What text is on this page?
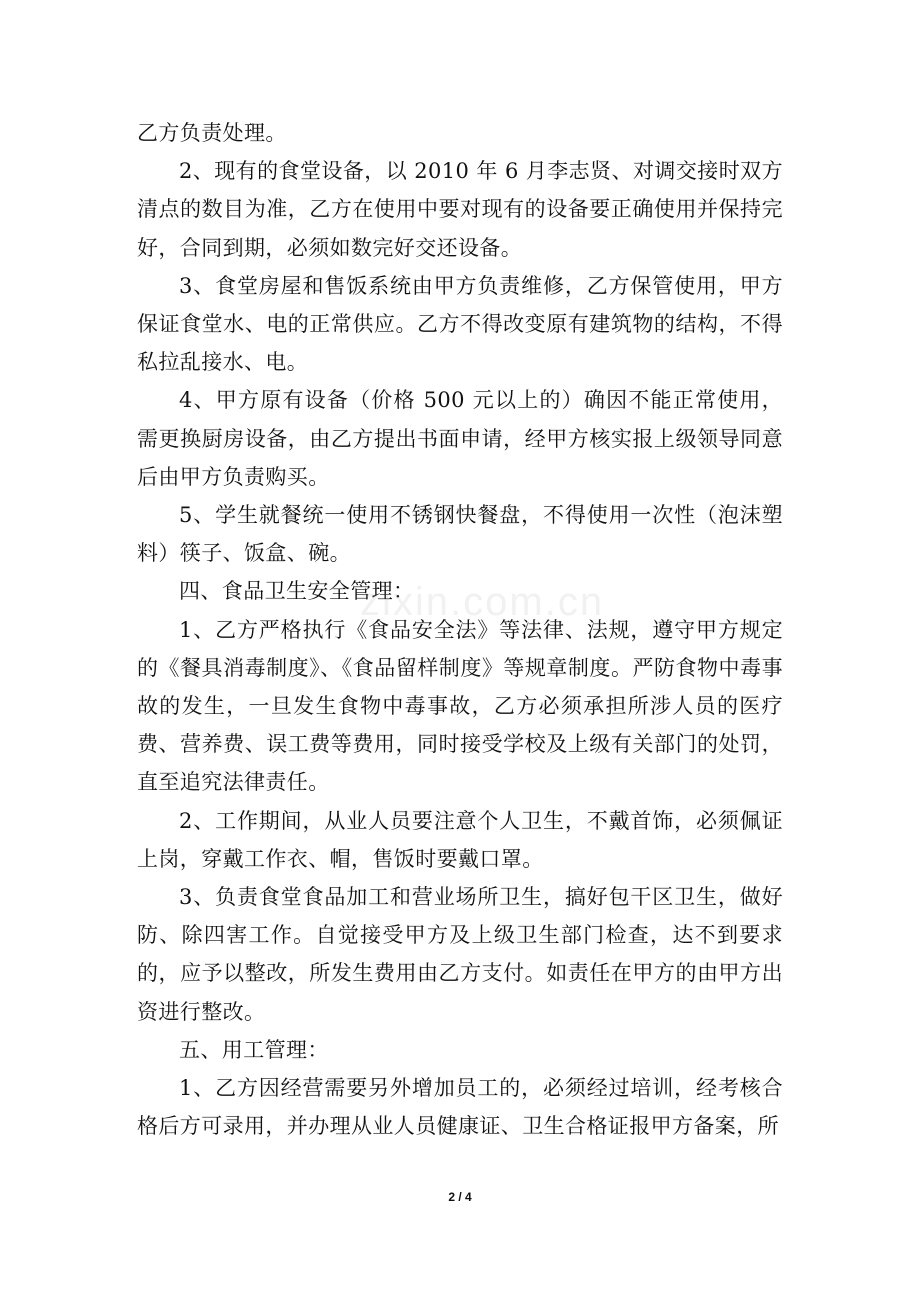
乙方负责处理。

2、现有的食堂设备，以 2010 年 6 月李志贤、对调交接时双方清点的数目为准，乙方在使用中要对现有的设备要正确使用并保持完好，合同到期，必须如数完好交还设备。

3、食堂房屋和售饭系统由甲方负责维修，乙方保管使用，甲方保证食堂水、电的正常供应。乙方不得改变原有建筑物的结构，不得私拉乱接水、电。

4、甲方原有设备（价格 500 元以上的）确因不能正常使用，需更换厨房设备，由乙方提出书面申请，经甲方核实报上级领导同意后由甲方负责购买。

5、学生就餐统一使用不锈钢快餐盘，不得使用一次性（泡沫塑料）筷子、饭盒、碗。

四、食品卫生安全管理：

1、乙方严格执行《食品安全法》等法律、法规，遵守甲方规定的《餐具消毒制度》、《食品留样制度》等规章制度。严防食物中毒事故的发生，一旦发生食物中毒事故，乙方必须承担所涉人员的医疗费、营养费、误工费等费用，同时接受学校及上级有关部门的处罚，直至追究法律责任。

2、工作期间，从业人员要注意个人卫生，不戴首饰，必须佩证上岗，穿戴工作衣、帽，售饭时要戴口罩。

3、负责食堂食品加工和营业场所卫生，搞好包干区卫生，做好防、除四害工作。自觉接受甲方及上级卫生部门检查，达不到要求的，应予以整改，所发生费用由乙方支付。如责任在甲方的由甲方出资进行整改。

五、用工管理：

1、乙方因经营需要另外增加员工的，必须经过培训，经考核合格后方可录用，并办理从业人员健康证、卫生合格证报甲方备案，所

zixin.com.cn
2 / 4
